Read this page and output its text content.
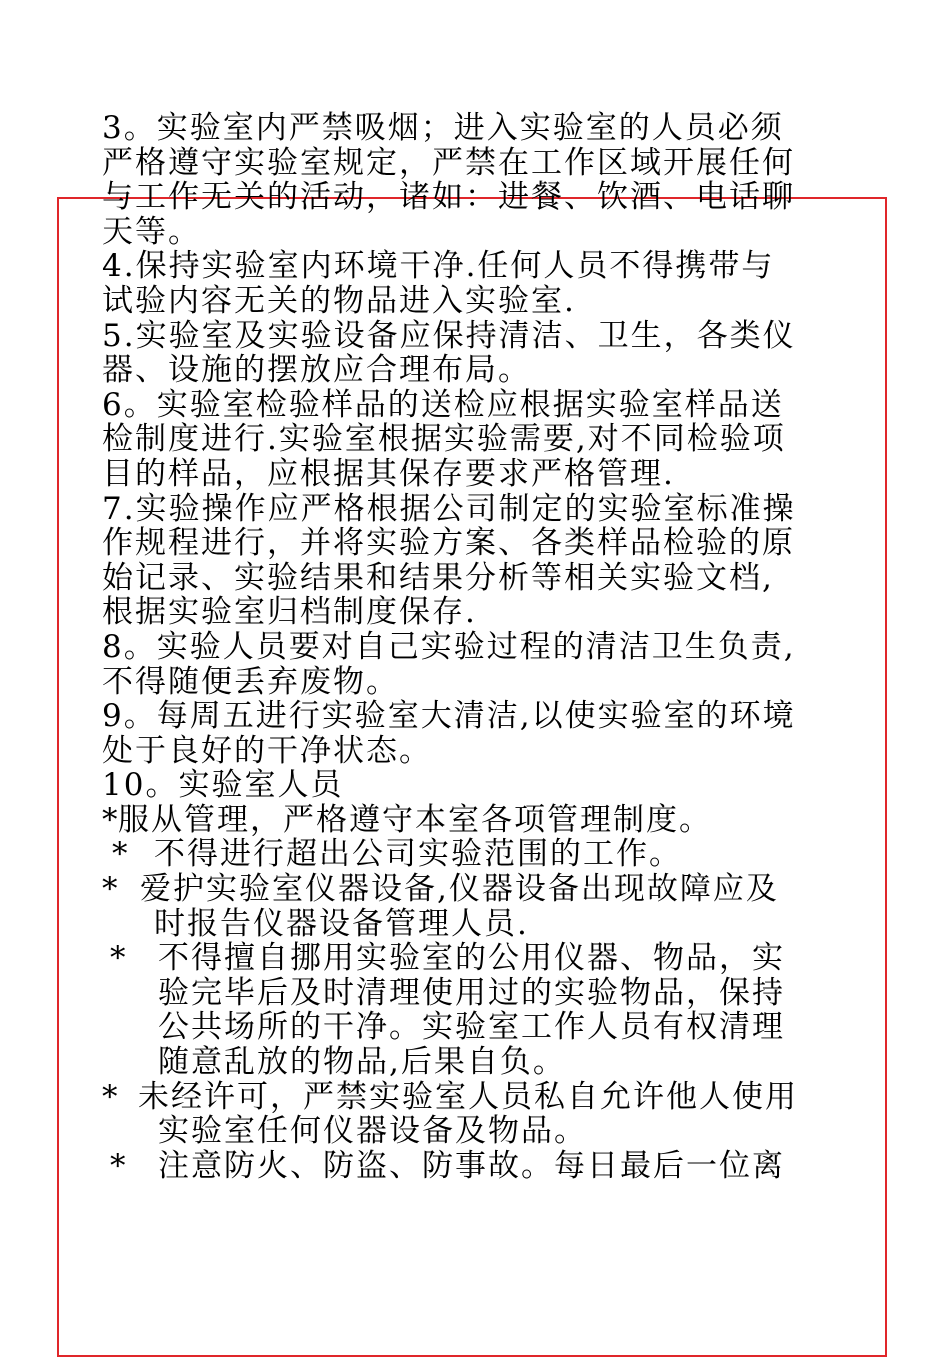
3。实验室内严禁吸烟；进入实验室的人员必须
严格遵守实验室规定，严禁在工作区域开展任何
与工作无关的活动，诸如：进餐、饮酒、电话聊
天等。
4.保持实验室内环境干净.任何人员不得携带与
试验内容无关的物品进入实验室.
5.实验室及实验设备应保持清洁、卫生，各类仪
器、设施的摆放应合理布局。
6。实验室检验样品的送检应根据实验室样品送
检制度进行.实验室根据实验需要,对不同检验项
目的样品，应根据其保存要求严格管理.
7.实验操作应严格根据公司制定的实验室标准操
作规程进行，并将实验方案、各类样品检验的原
始记录、实验结果和结果分析等相关实验文档,
根据实验室归档制度保存.
8。实验人员要对自己实验过程的清洁卫生负责,
不得随便丢弃废物。
9。每周五进行实验室大清洁,以使实验室的环境
处于良好的干净状态。
10。实验室人员
*
服从管理，严格遵守本室各项管理制度。
* 不得进行超出公司实验范围的工作。
* 爱护实验室仪器设备,仪器设备出现故障应及
时报告仪器设备管理人员.
* 不得擅自挪用实验室的公用仪器、物品，实
验完毕后及时清理使用过的实验物品，保持
公共场所的干净。实验室工作人员有权清理
随意乱放的物品,后果自负。
* 未经许可，严禁实验室人员私自允许他人使用
实验室任何仪器设备及物品。
* 注意防火、防盗、防事故。每日最后一位离
